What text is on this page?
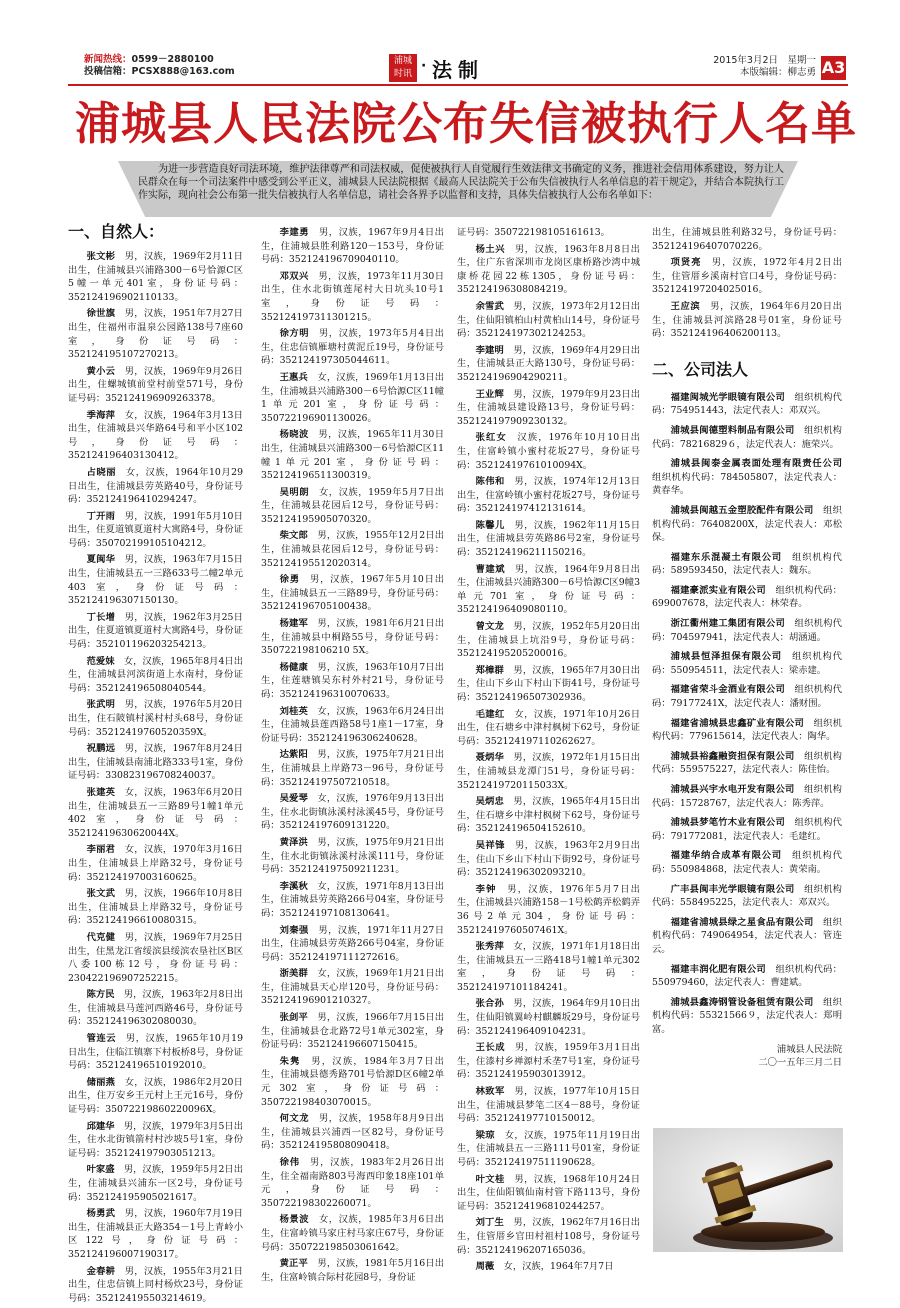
新闻热线：0599－2880100
投稿信箱：PCSX888@163.com
浦城
时讯 · 法制	2015年3月2日　星期一
本版编辑：柳志勇 A3
浦城县人民法院公布失信被执行人名单
为进一步营造良好司法环境，维护法律尊严和司法权威，促使被执行人自觉履行生效法律文书确定的义务，推进社会信用体系建设，努力让人民群众在每一个司法案件中感受到公平正义，浦城县人民法院根据《最高人民法院关于公布失信被执行人名单信息的若干规定》，并结合本院执行工作实际，现向社会公布第一批失信被执行人名单信息，请社会各界予以监督和支持，具体失信被执行人公布名单如下：
一、自然人：
张文彬　 男，汉族，1969年2月11日出生，住浦城县兴浦路300－6号恰源C区5幢一单元401室，身份证号码：352124196902110133。
徐世旗　 男，汉族，1951年7月27日出生，住福州市温泉公园路138号7座60室，身份证号码：352124195107270213。
黄小云　 男，汉族，1969年9月26日出生，住螺城镇前堂村前堂571号，身份证号码：352124196909263378。
季海萍　 女，汉族，1964年3月13日出生，住浦城县兴华路64号和平小区102号，身份证号码：352124196403130412。
占晓丽　 女，汉族，1964年10月29日出生，住浦城县劳英路40号，身份证号码：352124196410294247。
丁开雨　 男，汉族，1991年5月10日出生，住夏道镇夏道村大寓路4号，身份证号码：350702199105104212。
夏闽华　 男，汉族，1963年7月15日出生，住浦城县五一三路633号二幢2单元403室，身份证号码：352124196307150130。
丁长增　 男，汉族，1962年3月25日出生，住夏道镇夏道村大寓路4号，身份证号码：352101196203254213。
范爱妹　 女，汉族，1965年8月4日出生，住浦城县河滨街道上水南村，身份证号码：352124196508040544。
张武明　 男，汉族，1976年5月20日出生，住石陂镇村溪村村头68号，身份证号码：35212419760520359X。
祝鹏远　 男，汉族，1967年8月24日出生，住浦城县南浦北路333号1室，身份证号码：330823196708240037。
张建英　 女，汉族，1963年6月20日出生，住浦城县五一三路89号1幢1单元402室，身份证号码：35212419630620044X。
李丽君　 女，汉族，1970年3月16日出生，住浦城县上岸路32号，身份证号码：352124197003160625。
张文武　 男，汉族，1966年10月8日出生，住浦城县上岸路32号，身份证号码：352124196610080315。
代克健　 男，汉族，1969年7月25日出生，住黑龙江省绥滨县绥滨农垦社区B区八委100栋12号，身份证号码：230422196907252215。
陈方民　 男，汉族，1963年2月8日出生，住浦城县马莲河西路46号，身份证号码：352124196302080030。
管连云　 男，汉族，1965年10月19日出生，住临江镇寨下村板桥8号，身份证号码：352124196510192010。
储丽燕　 女，汉族，1986年2月20日出生，住万安乡王元村上王元16号，身份证号码：35072219860220096X。
邱建华　 男，汉族，1979年3月5日出生，住水北街镇箭村村沙坡5号1室，身份证号码：352124197903051213。
叶家盛　 男，汉族，1959年5月2日出生，住浦城县兴浦东一区2号，身份证号码：352124195905021617。
杨勇武　 男，汉族，1960年7月19日出生，住浦城县正大路354－1号上青岭小区122号，身份证号码：352124196007190317。
金春耕　 男，汉族，1955年3月21日出生，住忠信镇上同村杨炊23号，身份证号码：352124195503214619。
李建勇　 男，汉族，1967年9月4日出生，住浦城县胜利路120－153号，身份证号码：352124196709040110。
邓双兴　 男，汉族，1973年11月30日出生，住水北街镇莲尾村大日坑头10号1室，身份证号码：352124197311301215。
徐方明　 男，汉族，1973年5月4日出生，住忠信镇雁塘村黄泥丘19号，身份证号码：352124197305044611。
王惠兵　 女，汉族，1969年1月13日出生，住浦城县兴浦路300－6号恰源C区11幢1单元201室，身份证号码：350722196901130026。
杨晓波　 男，汉族，1965年11月30日出生，住浦城县兴浦路300－6号恰源C区11幢1单元201室，身份证号码：352124196511300319。
吴明朗　 女，汉族，1959年5月7日出生，住浦城县花园后12号，身份证号码：352124195905070320。
柴文郎　 男，汉族，1955年12月2日出生，住浦城县花园后12号，身份证号码：352124195512020314。
徐勇　 男，汉族，1967年5月10日出生，住浦城县五一三路89号，身份证号码：352124196705100438。
杨建军　 男，汉族，1981年6月21日出生，住浦城县中桐路55号，身份证号码：350722198106210 5X。
杨健康　 男，汉族，1963年10月7日出生，住莲塘镇吴东村外村21号，身份证号码：352124196310070633。
刘桂英　 女，汉族，1963年6月24日出生，住浦城县莲西路58号1座1－17室，身份证号码：352124196306240628。
达紫阳　 男，汉族，1975年7月21日出生，住浦城县上岸路73－96号，身份证号码：352124197507210518。
吴爱琴　 女，汉族，1976年9月13日出生，住水北街镇泳溪村泳溪45号，身份证号码：352124197609131220。
黄泽洪　 男，汉族，1975年9月21日出生，住水北街镇泳溪村泳溪111号，身份证号码：352124197509211231。
李溪秋　 女，汉族，1971年8月13日出生，住浦城县劳英路266号04室，身份证号码：352124197108130641。
刘秦强　 男，汉族，1971年11月27日出生，住浦城县劳英路266号04室，身份证号码：352124197111272616。
浙美群　 女，汉族，1969年1月21日出生，住浦城县天心岸120号，身份证号码：352124196901210327。
张剑平　 男，汉族，1966年7月15日出生，住浦城县仓北路72号1单元302室，身份证号码：352124196607150415。
朱隽　 男，汉族，1984年3月7日出生，住浦城县德秀路701号恰源D区6幢2单元302室，身份证号码：350722198403070015。
何文龙　 男，汉族，1958年8月9日出生，住浦城县兴浦西一区82号，身份证号码：352124195808090418。
徐伟　 男，汉族，1983年2月26日出生，住全福南路803号海西印象18座101单元，身份证号码：350722198302260071。
杨景波　 女，汉族，1985年3月6日出生，住富岭镇马家庄村马家庄67号，身份证号码：350722198503061642。
黄正平　 男，汉族，1981年5月16日出生，住富岭镇合际村花园8号，身份证
证号码：350722198105161613。
杨土兴　 男，汉族，1963年8月8日出生，住广东省深圳市龙岗区康桥路沙湾中城康桥花园22栋1305，身份证号码：352124196308084219。
余雪武　 男，汉族，1973年2月12日出生，住仙阳镇柏山村黄柏山14号，身份证号码：352124197302124253。
李建明　 男，汉族，1969年4月29日出生，住浦城县正大路130号，身份证号码：352124196904290211。
王业辉　 男，汉族，1979年9月23日出生，住浦城县建设路13号，身份证号码：352124197909230132。
张红女　 汉族，1976年10月10日出生，住富岭镇小蜜村花坂27号，身份证号码：35212419761010094X。
陈伟和　 男，汉族，1974年12月13日出生，住富岭镇小蜜村花坂27号，身份证号码：352124197412131614。
陈馨儿　 男，汉族，1962年11月15日出生，住浦城县劳英路86号2室，身份证号码：352124196211150216。
曹建斌　 男，汉族，1964年9月8日出生，住浦城县兴浦路300－6号恰源C区9幢3单元701室，身份证号码：352124196409080110。
曾文龙　 男，汉族，1952年5月20日出生，住浦城县上坑沿9号，身份证号码：352124195205200016。
郑樟群　 男，汉族，1965年7月30日出生，住山下乡山下村山下街41号，身份证号码：352124196507302936。
毛建红　 女，汉族，1971年10月26日出生，住石塘乡中津村枫树下62号，身份证号码：352124197110262627。
聂炳华　 男，汉族，1972年1月15日出生，住浦城县龙潭门51号，身份证号码：35212419720115033X。
吴炳忠　 男，汉族，1965年4月15日出生，住石塘乡中津村枫树下62号，身份证号码：352124196504152610。
吴祥锋　 男，汉族，1963年2月9日出生，住山下乡山下村山下街92号，身份证号码：352124196302093210。
李钟　 男，汉族，1976年5月7日出生，住浦城县兴浦路158－1号松鹤弄松鹤弄36号2单元304，身份证号码：35212419760507461X。
张秀萍　 女，汉族，1971年1月18日出生，住浦城县五一三路418号1幢1单元302室，身份证号码：352124197101184241。
张合孙　 男，汉族，1964年9月10日出生，住仙阳镇翼岭村麒麟坂29号，身份证号码：352124196409104231。
王长成　 男，汉族，1959年3月1日出生，住漆村乡禅源村禾垄7号1室，身份证号码：352124195903013912。
林致军　 男，汉族，1977年10月15日出生，住浦城县梦笔二区4－88号，身份证号码：352124197710150012。
梁琼　 女，汉族，1975年11月19日出生，住浦城县五一三路111号01室，身份证号码：352124197511190628。
叶文桂　 男，汉族，1968年10月24日出生，住仙阳镇仙南村管下路113号，身份证号码：352124196810244257。
刘丁生　 男，汉族，1962年7月16日出生，住管厝乡官田村祖村108号，身份证号码：352124196207165036。
周薇　 女，汉族，1964年7月7日
出生，住浦城县胜利路32号，身份证号码：352124196407070226。
项贤亮　 男，汉族，1972年4月2日出生，住管厝乡溪南村官口4号，身份证号码：352124197204025016。
王应滨　 男，汉族，1964年6月20日出生，住浦城县河滨路28号01室，身份证号码：352124196406200113。
二、公司法人
福建闽城光学眼镜有限公司　 组织机构代码：754951443，法定代表人：邓双兴。
浦城县闽德塑料制品有限公司　 组织机构代码：78216829６，法定代表人：施荣兴。
浦城县闽泰金属表面处理有限责任公司　组织机构代码：784505807，法定代表人：黄春华。
浦城县闽越五金塑胶配件有限公司　 组织机构代码：76408200X，法定代表人：邓松保。
福建东乐混凝土有限公司　 组织机构代码：589593450，法定代表人：魏东。
福建豪派实业有限公司　 组织机构代码：699007678，法定代表人：林荣春。
浙江衢州建工集团有限公司　 组织机构代码：704597941，法定代表人：胡涵通。
浦城县恒泽担保有限公司　 组织机构代码：550954511，法定代表人：梁赤建。
福建省荣斗金酒业有限公司　 组织机构代码：79177241X，法定代表人：潘财围。
福建省浦城县忠鑫矿业有限公司　 组织机构代码：779615614，法定代表人：陶华。
浦城县裕鑫融资担保有限公司　 组织机构代码：559575227，法定代表人：陈佳怡。
浦城县兴宇水电开发有限公司　 组织机构代码：15728767，法定代表人：陈秀萍。
浦城县梦笔竹木业有限公司　 组织机构代码：791772081，法定代表人：毛建红。
福建华纳合成革有限公司　 组织机构代码：550984868，法定代表人：黄荣南。
广丰县闽丰光学眼镜有限公司　 组织机构代码：558495225，法定代表人：邓双兴。
福建省浦城县绿之星食品有限公司　 组织机构代码：749064954，法定代表人：管连云。
福建丰润化肥有限公司　 组织机构代码：550979460，法定代表人：曹建斌。
浦城县鑫涛钢管设备租赁有限公司　 组织机构代码：55321566９，法定代表人：郑明富。
浦城县人民法院
二〇一五年三月二日
